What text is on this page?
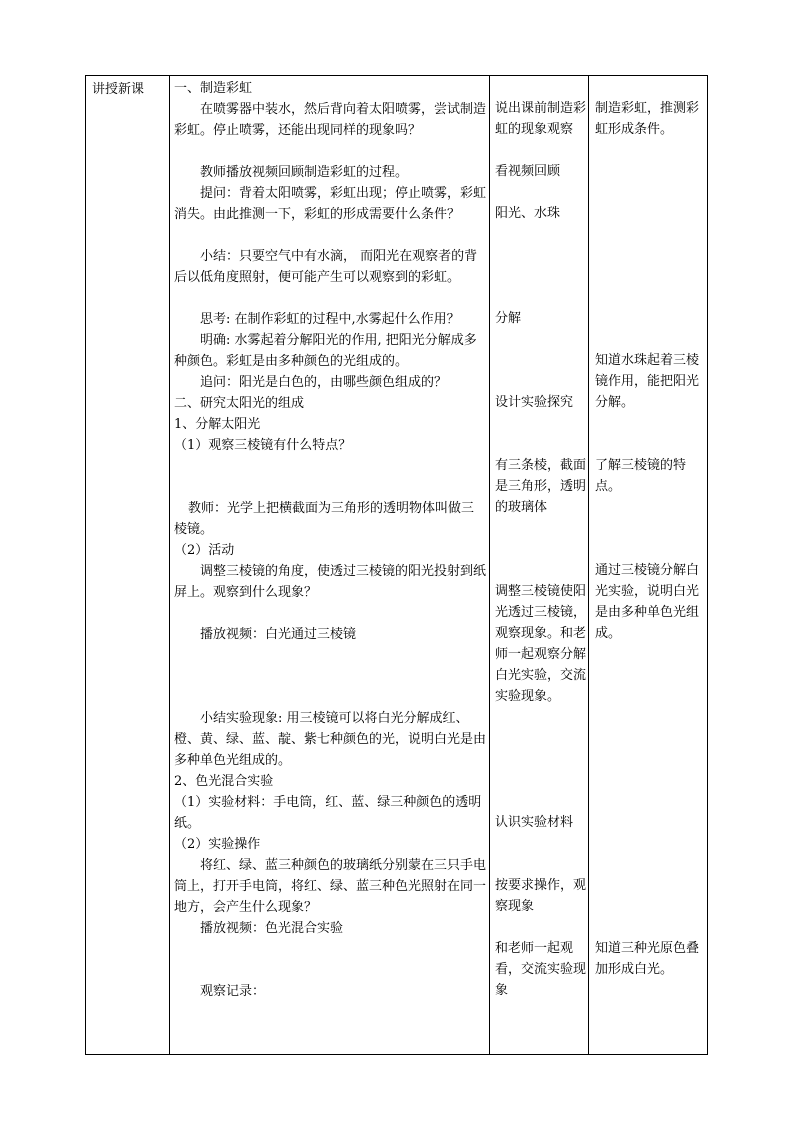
讲授新课 一、制造彩虹

在喷雾器中装水，然后背向着太阳喷雾，尝试制造彩虹。停止喷雾，还能出现同样的现象吗？

教师播放视频回顾制造彩虹的过程。

提问：背着太阳喷雾，彩虹出现；停止喷雾，彩虹消失。由此推测一下，彩虹的形成需要什么条件？

小结：只要空气中有水滴， 而阳光在观察者的背后以低角度照射，便可能产生可以观察到的彩虹。

思考: 在制作彩虹的过程中,水雾起什么作用？

明确: 水雾起着分解阳光的作用, 把阳光分解成多种颜色。彩虹是由多种颜色的光组成的。

追问：阳光是白色的，由哪些颜色组成的？

二、研究太阳光的组成

1、分解太阳光

（1）观察三棱镜有什么特点？

教师：光学上把横截面为三角形的透明物体叫做三棱镜。

（2）活动

调整三棱镜的角度，使透过三棱镜的阳光投射到纸屏上。观察到什么现象？

播放视频：白光通过三棱镜

小结实验现象: 用三棱镜可以将白光分解成红、橙、黄、绿、蓝、靛、紫七种颜色的光，说明白光是由多种单色光组成的。

2、色光混合实验

（1）实验材料：手电筒，红、蓝、绿三种颜色的透明纸。

（2）实验操作

将红、绿、蓝三种颜色的玻璃纸分别蒙在三只手电筒上，打开手电筒，将红、绿、蓝三种色光照射在同一地方，会产生什么现象？

播放视频：色光混合实验

观察记录：

说出课前制造彩虹的现象观察

看视频回顾

阳光、水珠

分解

设计实验探究

有三条棱，截面是三角形，透明的玻璃体

调整三棱镜使阳光透过三棱镜，观察现象。和老师一起观察分解白光实验，交流实验现象。

认识实验材料

按要求操作，观察现象

和老师一起观看，交流实验现象

制造彩虹，推测彩虹形成条件。

知道水珠起着三棱镜作用，能把阳光分解。

了解三棱镜的特点。

通过三棱镜分解白光实验，说明白光是由多种单色光组成。

知道三种光原色叠加形成白光。
